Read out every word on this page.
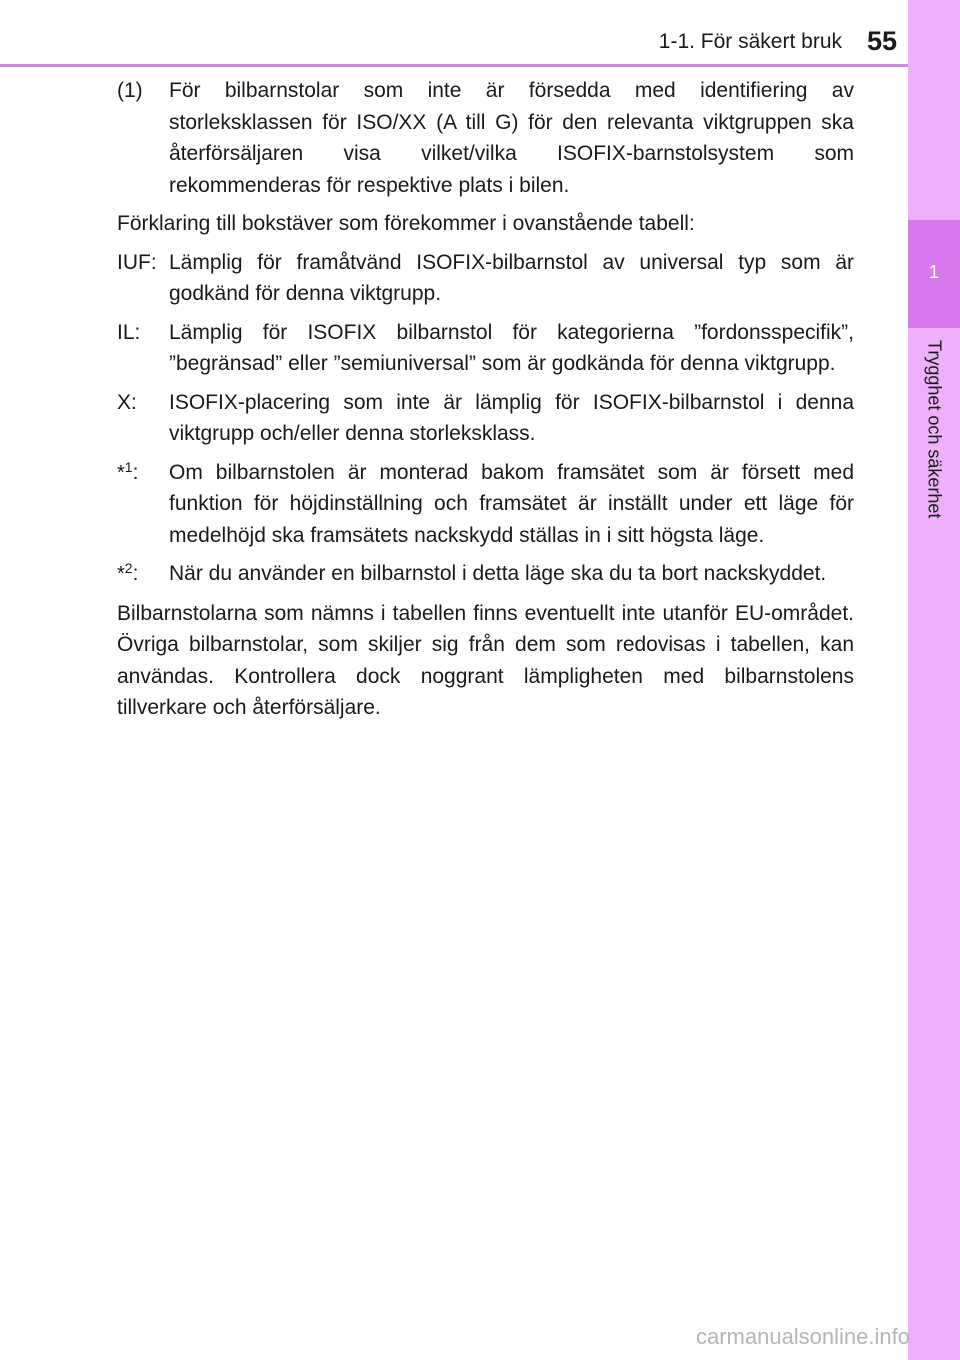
1-1. För säkert bruk 55
1
Trygghet och säkerhet
(1)	För bilbarnstolar som inte är försedda med identifiering av storleksklassen för ISO/XX (A till G) för den relevanta viktgruppen ska återförsäljaren visa vilket/vilka ISOFIX-barnstolsystem som rekommenderas för respektive plats i bilen.
Förklaring till bokstäver som förekommer i ovanstående tabell:
IUF: Lämplig för framåtvänd ISOFIX-bilbarnstol av universal typ som är godkänd för denna viktgrupp.
IL:	Lämplig för ISOFIX bilbarnstol för kategorierna ”fordonsspecifik”, ”begränsad” eller ”semiuniversal” som är godkända för denna viktgrupp.
X:	ISOFIX-placering som inte är lämplig för ISOFIX-bilbarnstol i denna viktgrupp och/eller denna storleksklass.
*$^1$:	Om bilbarnstolen är monterad bakom framsätet som är försett med funktion för höjdinställning och framsätet är inställt under ett läge för medelhöjd ska framsätets nackskydd ställas in i sitt högsta läge.
*$^2$:	När du använder en bilbarnstol i detta läge ska du ta bort nackskyddet.
Bilbarnstolarna som nämns i tabellen finns eventuellt inte utanför EU-området. Övriga bilbarnstolar, som skiljer sig från dem som redovisas i tabellen, kan användas. Kontrollera dock noggrant lämpligheten med bilbarnstolens tillverkare och återförsäljare.
carmanualsonline.info
